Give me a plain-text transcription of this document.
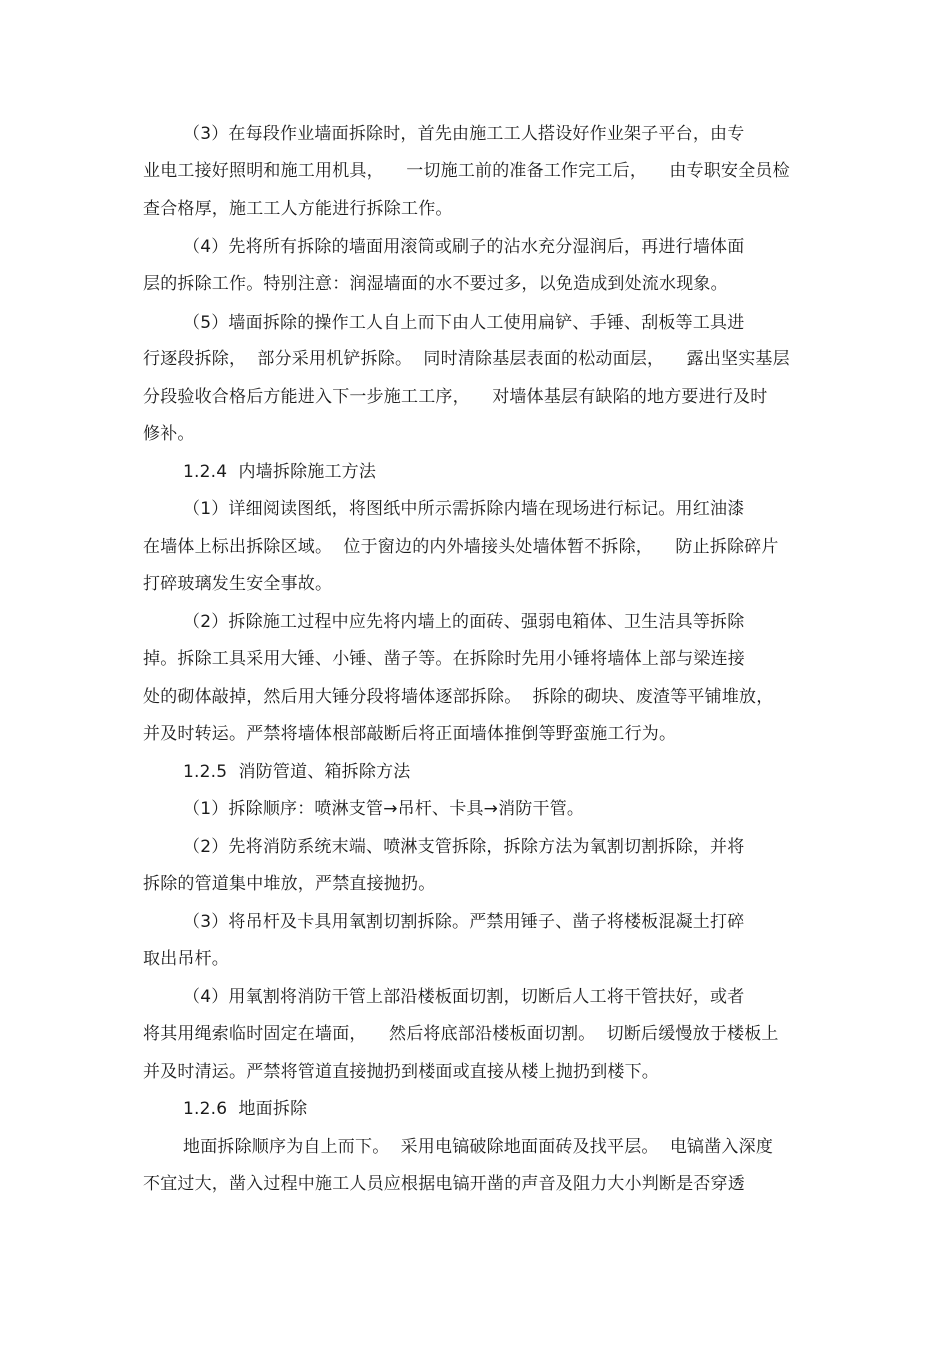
（3）在每段作业墙面拆除时，首先由施工工人搭设好作业架子平台，由专
业电工接好照明和施工用机具，    一切施工前的准备工作完工后，    由专职安全员检
查合格厚，施工工人方能进行拆除工作。
（4）先将所有拆除的墙面用滚筒或刷子的沾水充分湿润后，再进行墙体面
层的拆除工作。特别注意：润湿墙面的水不要过多，以免造成到处流水现象。
（5）墙面拆除的操作工人自上而下由人工使用扁铲、手锤、刮板等工具进
行逐段拆除，  部分采用机铲拆除。  同时清除基层表面的松动面层，    露出坚实基层
分段验收合格后方能进入下一步施工工序，    对墙体基层有缺陷的地方要进行及时
修补。
1.2.4  内墙拆除施工方法
（1）详细阅读图纸，将图纸中所示需拆除内墙在现场进行标记。用红油漆
在墙体上标出拆除区域。  位于窗边的内外墙接头处墙体暂不拆除，    防止拆除碎片
打碎玻璃发生安全事故。
（2）拆除施工过程中应先将内墙上的面砖、强弱电箱体、卫生洁具等拆除
掉。拆除工具采用大锤、小锤、凿子等。在拆除时先用小锤将墙体上部与梁连接
处的砌体敲掉，然后用大锤分段将墙体逐部拆除。  拆除的砌块、废渣等平铺堆放，
并及时转运。严禁将墙体根部敲断后将正面墙体推倒等野蛮施工行为。
1.2.5  消防管道、箱拆除方法
（1）拆除顺序：喷淋支管→吊杆、卡具→消防干管。
（2）先将消防系统末端、喷淋支管拆除，拆除方法为氧割切割拆除，并将
拆除的管道集中堆放，严禁直接抛扔。
（3）将吊杆及卡具用氧割切割拆除。严禁用锤子、凿子将楼板混凝土打碎
取出吊杆。
（4）用氧割将消防干管上部沿楼板面切割，切断后人工将干管扶好，或者
将其用绳索临时固定在墙面，    然后将底部沿楼板面切割。  切断后缓慢放于楼板上
并及时清运。严禁将管道直接抛扔到楼面或直接从楼上抛扔到楼下。
1.2.6  地面拆除
地面拆除顺序为自上而下。  采用电镐破除地面面砖及找平层。  电镐凿入深度
不宜过大，凿入过程中施工人员应根据电镐开凿的声音及阻力大小判断是否穿透
